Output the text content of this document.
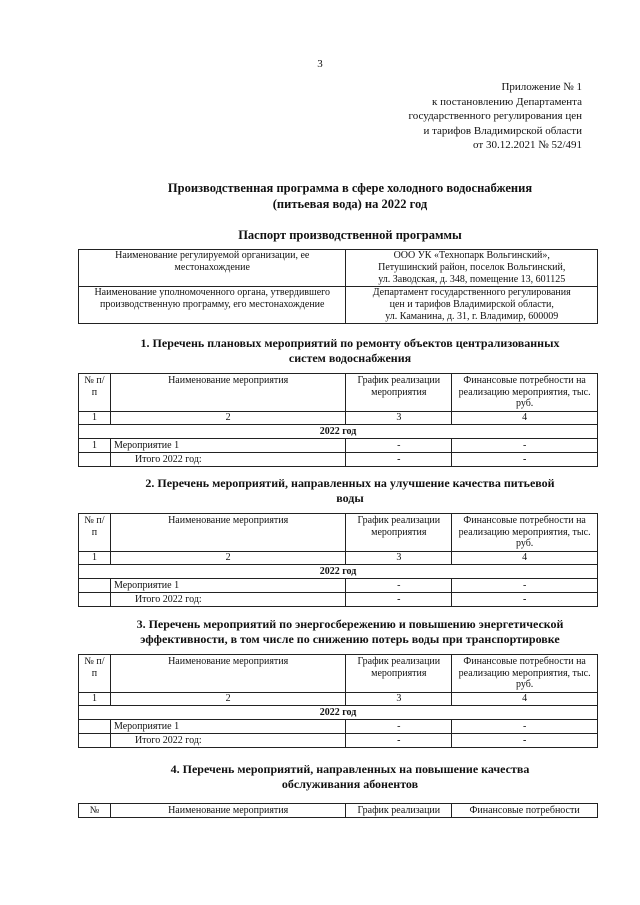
3
Приложение № 1
к постановлению Департамента
государственного регулирования цен
и тарифов Владимирской области
от 30.12.2021 № 52/491
Производственная программа в сфере холодного водоснабжения
(питьевая вода) на 2022 год
Паспорт производственной программы
Наименование регулируемой организации, ее местонахождение	ООО УК «Технопарк Вольгинский»,
Петушинский район, поселок Вольгинский,
ул. Заводская, д. 348, помещение 13, 601125

Наименование уполномоченного органа, утвердившего производственную программу, его местонахождение	Департамент государственного регулирования
цен и тарифов Владимирской области,
ул. Каманина, д. 31, г. Владимир, 600009
1. Перечень плановых мероприятий по ремонту объектов централизованных
систем водоснабжения
№ п/п	Наименование мероприятия	График реализации мероприятия	Финансовые потребности на реализацию мероприятия, тыс. руб.
1	2	3	4
2022 год			
1	Мероприятие 1	-	-
	Итого 2022 год:	-	-
2. Перечень мероприятий, направленных на улучшение качества питьевой
воды
№ п/п	Наименование мероприятия	График реализации мероприятия	Финансовые потребности на реализацию мероприятия, тыс. руб.
1	2	3	4
2022 год			
	Мероприятие 1	-	-
	Итого 2022 год:	-	-
3. Перечень мероприятий по энергосбережению и повышению энергетической
эффективности, в том числе по снижению потерь воды при транспортировке
№ п/п	Наименование мероприятия	График реализации мероприятия	Финансовые потребности на реализацию мероприятия, тыс. руб.
1	2	3	4
2022 год			
	Мероприятие 1	-	-
	Итого 2022 год:	-	-
4. Перечень мероприятий, направленных на повышение качества
обслуживания абонентов
№	Наименование мероприятия	График реализации	Финансовые потребности
